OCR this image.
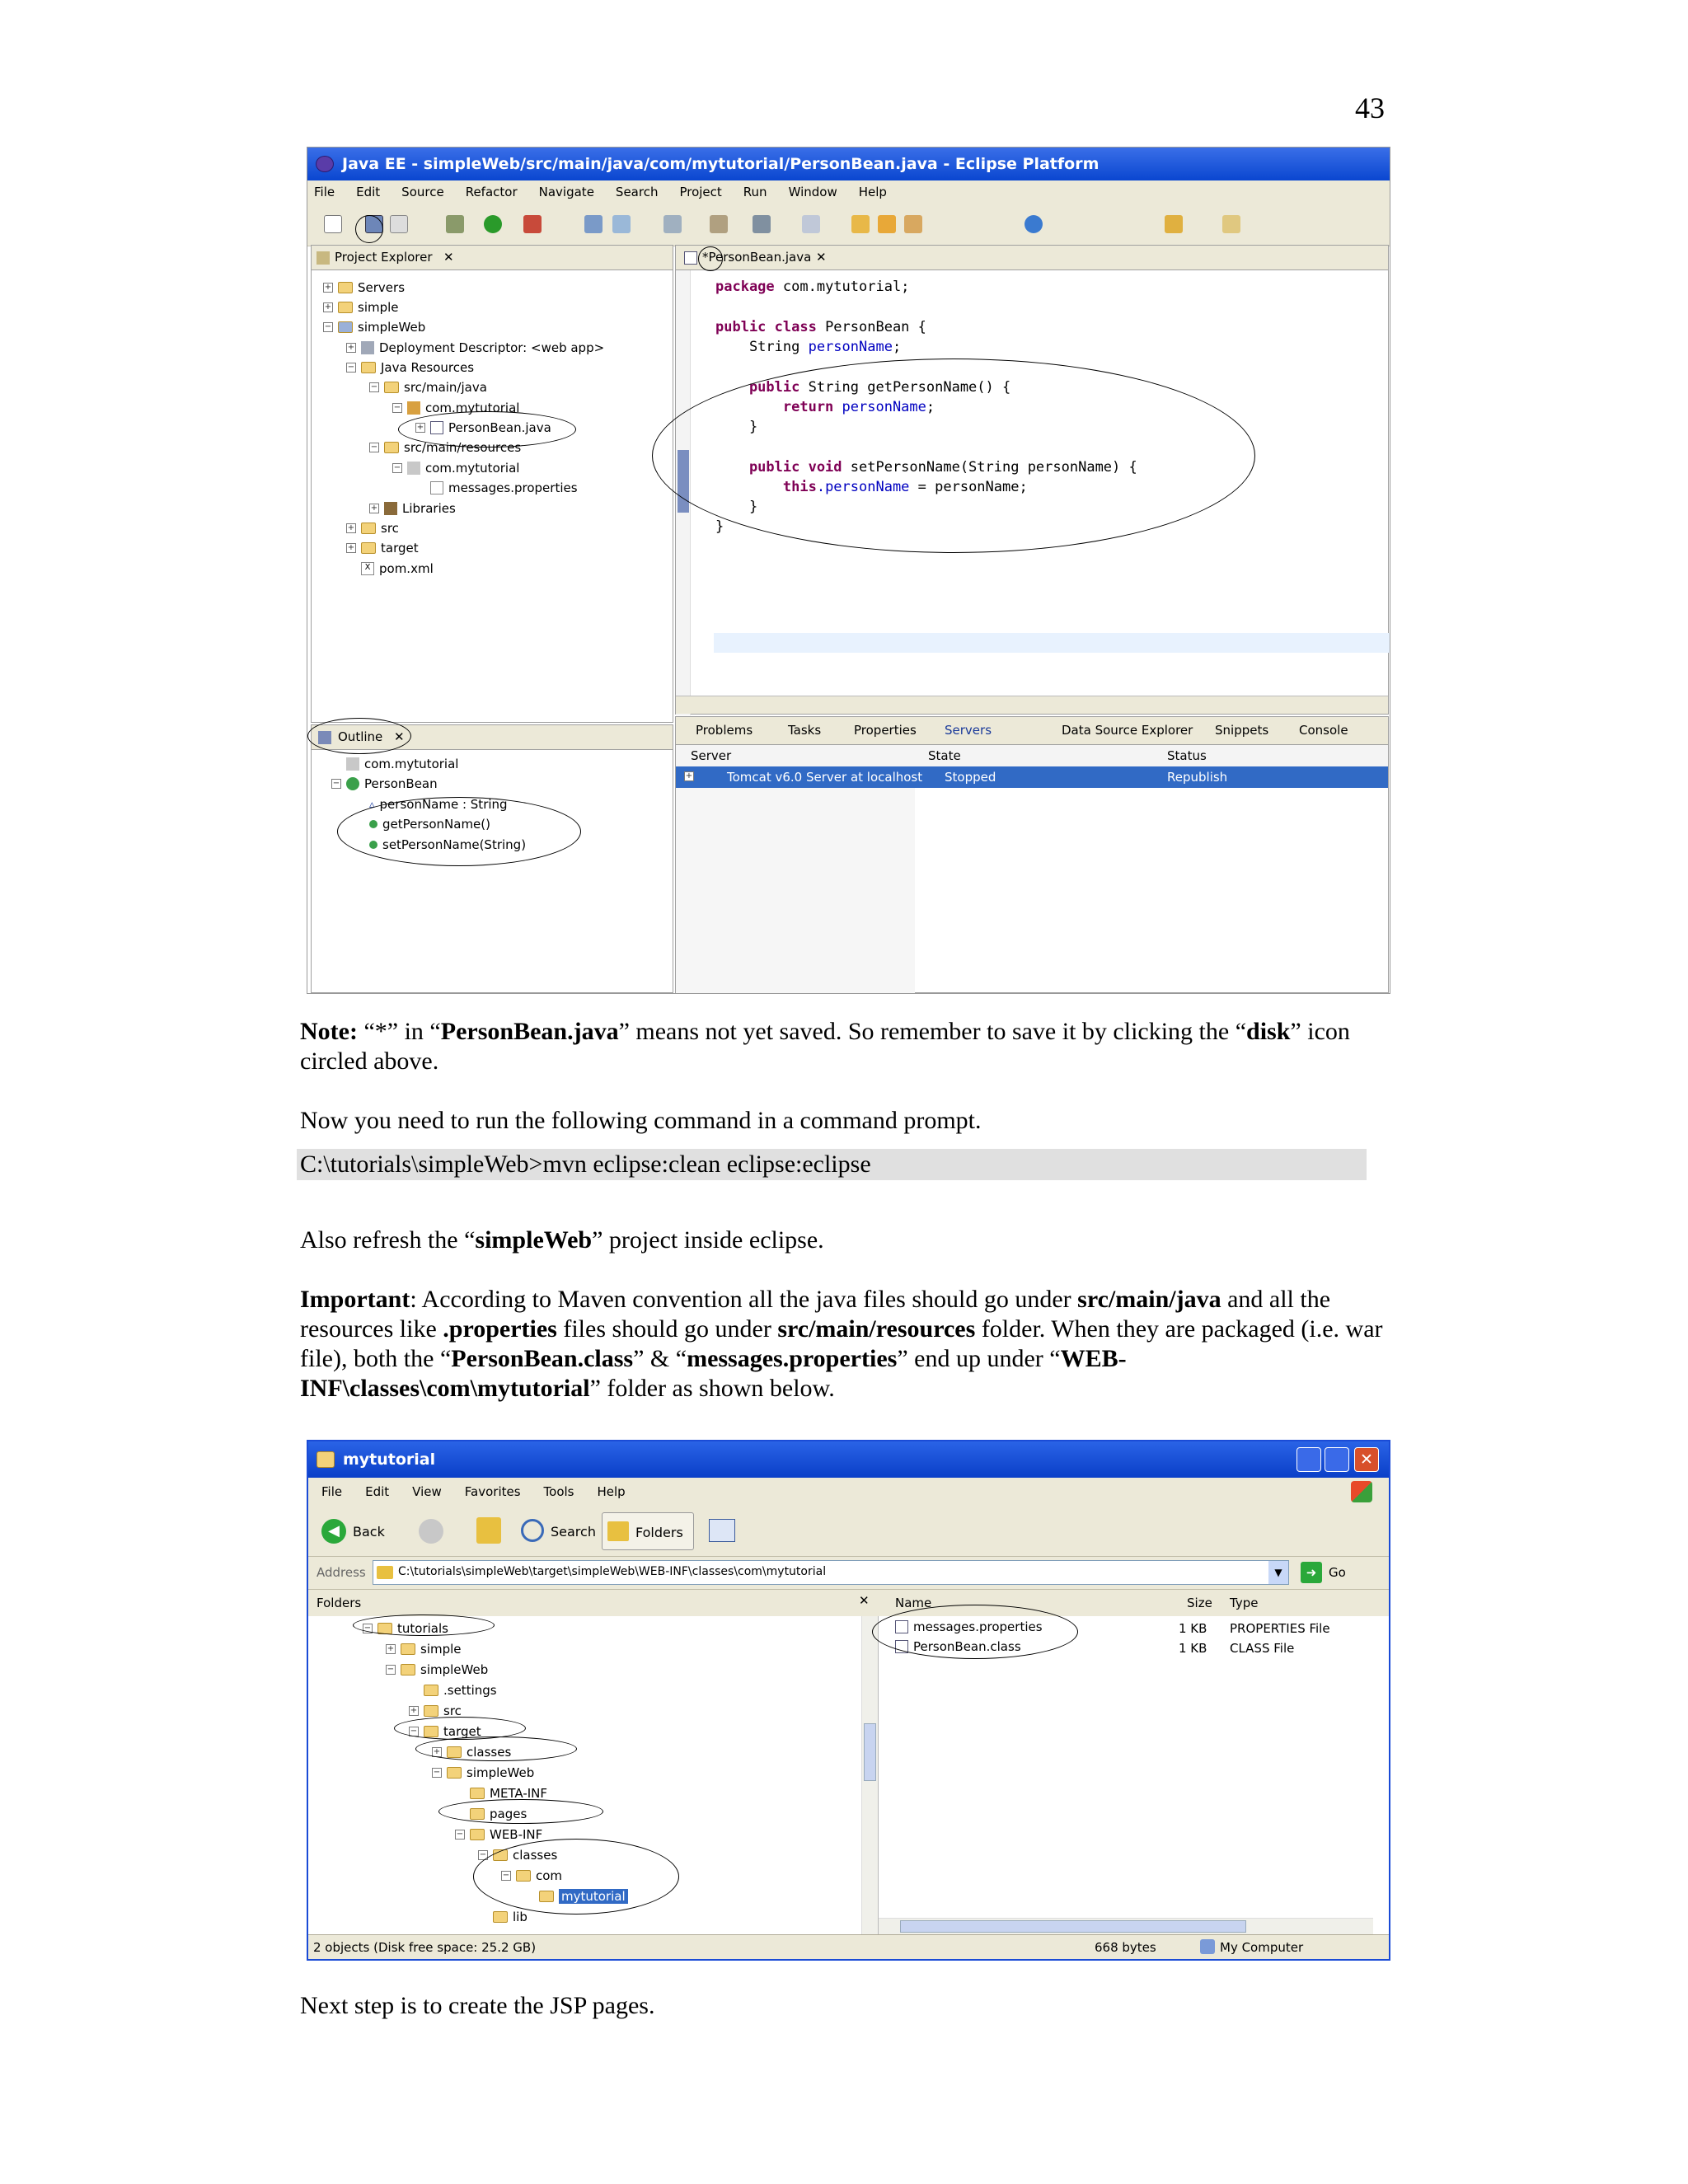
43
Java EE - simpleWeb/src/main/java/com/mytutorial/PersonBean.java - Eclipse Platform
File Edit Source Refactor Navigate Search Project Run Window Help
Project Explorer ✕
+ Servers
+ simple
− simpleWeb
+ Deployment Descriptor: <web app>
− Java Resources
− src/main/java
− com.mytutorial
+ PersonBean.java
− src/main/resources
− com.mytutorial
messages.properties
+ Libraries
+ src
+ target
X pom.xml
*PersonBean.java ✕
package com.mytutorial;
public class PersonBean {
String personName;
public String getPersonName() {
return personName;
}
public void setPersonName(String personName) {
this.personName = personName;
}
}
Outline ✕
com.mytutorial
− PersonBean
▵ personName : String
getPersonName()
setPersonName(String)
Problems	Tasks	Properties Servers	Data Source Explorer Snippets Console
Server	State	Status
+	Tomcat v6.0 Server at localhost Stopped	Republish
Note: “*” in “PersonBean.java” means not yet saved. So remember to save it by clicking the “disk” icon circled above.
Now you need to run the following command in a command prompt.
C:\tutorials\simpleWeb>mvn eclipse:clean eclipse:eclipse
Also refresh the “simpleWeb” project inside eclipse.
Important: According to Maven convention all the java files should go under src/main/java and all the resources like .properties files should go under src/main/resources folder. When they are packaged (i.e. war file), both the “PersonBean.class” & “messages.properties” end up under “WEB-INF\classes\com\mytutorial” folder as shown below.
mytutorial	✕
File Edit View Favorites Tools Help
◀	Back	Search	Folders
Address	C:\tutorials\simpleWeb\target\simpleWeb\WEB-INF\classes\com\mytutorial	▼	➜ Go
Folders	✕
− tutorials
+ simple
− simpleWeb
.settings
+ src
− target
+ classes
− simpleWeb
META-INF
pages
− WEB-INF
− classes
− com
mytutorial
lib
Name	Size Type
messages.properties	1 KB PROPERTIES File
PersonBean.class	1 KB CLASS File
2 objects (Disk free space: 25.2 GB)	668 bytes	My Computer
Next step is to create the JSP pages.
